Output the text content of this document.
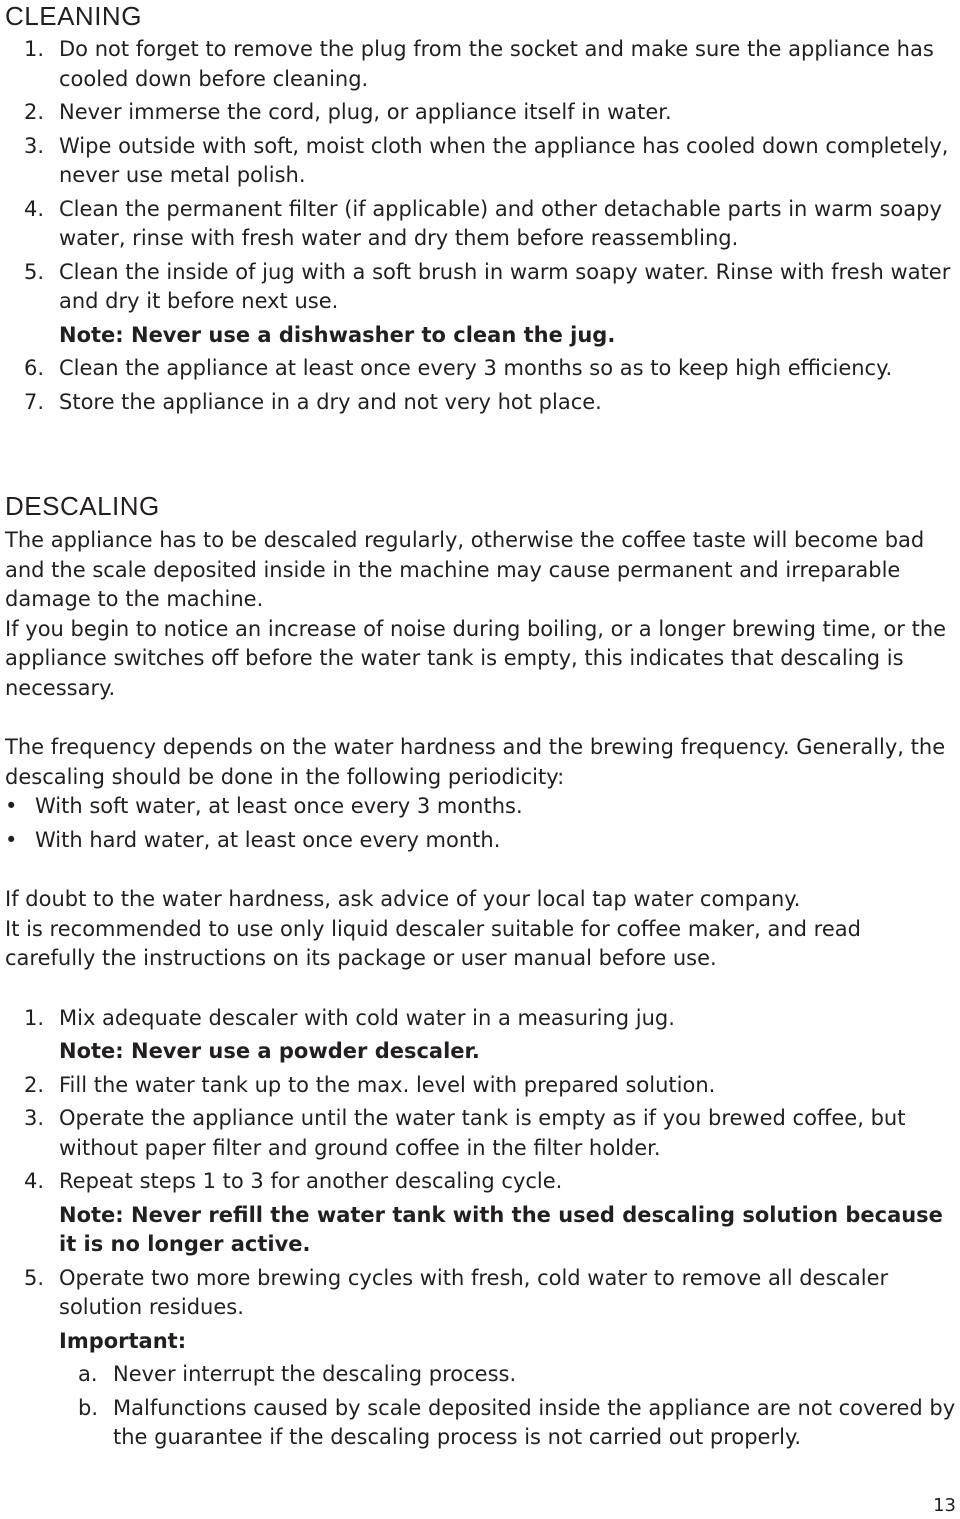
CLEANING
1. Do not forget to remove the plug from the socket and make sure the appliance has cooled down before cleaning.
2. Never immerse the cord, plug, or appliance itself in water.
3. Wipe outside with soft, moist cloth when the appliance has cooled down completely, never use metal polish.
4. Clean the permanent filter (if applicable) and other detachable parts in warm soapy water, rinse with fresh water and dry them before reassembling.
5. Clean the inside of jug with a soft brush in warm soapy water. Rinse with fresh water and dry it before next use.
Note: Never use a dishwasher to clean the jug.
6. Clean the appliance at least once every 3 months so as to keep high efficiency.
7. Store the appliance in a dry and not very hot place.
DESCALING

The appliance has to be descaled regularly, otherwise the coffee taste will become bad and the scale deposited inside in the machine may cause permanent and irreparable damage to the machine.

If you begin to notice an increase of noise during boiling, or a longer brewing time, or the appliance switches off before the water tank is empty, this indicates that descaling is necessary.

The frequency depends on the water hardness and the brewing frequency. Generally, the descaling should be done in the following periodicity:

• With soft water, at least once every 3 months.
• With hard water, at least once every month.

If doubt to the water hardness, ask advice of your local tap water company.

It is recommended to use only liquid descaler suitable for coffee maker, and read carefully the instructions on its package or user manual before use.

1. Mix adequate descaler with cold water in a measuring jug.
Note: Never use a powder descaler.
2. Fill the water tank up to the max. level with prepared solution.
3. Operate the appliance until the water tank is empty as if you brewed coffee, but without paper filter and ground coffee in the filter holder.
4. Repeat steps 1 to 3 for another descaling cycle.
Note: Never refill the water tank with the used descaling solution because it is no longer active.
5. Operate two more brewing cycles with fresh, cold water to remove all descaler solution residues.
Important:
a. Never interrupt the descaling process.
b. Malfunctions caused by scale deposited inside the appliance are not covered by the guarantee if the descaling process is not carried out properly.
13
